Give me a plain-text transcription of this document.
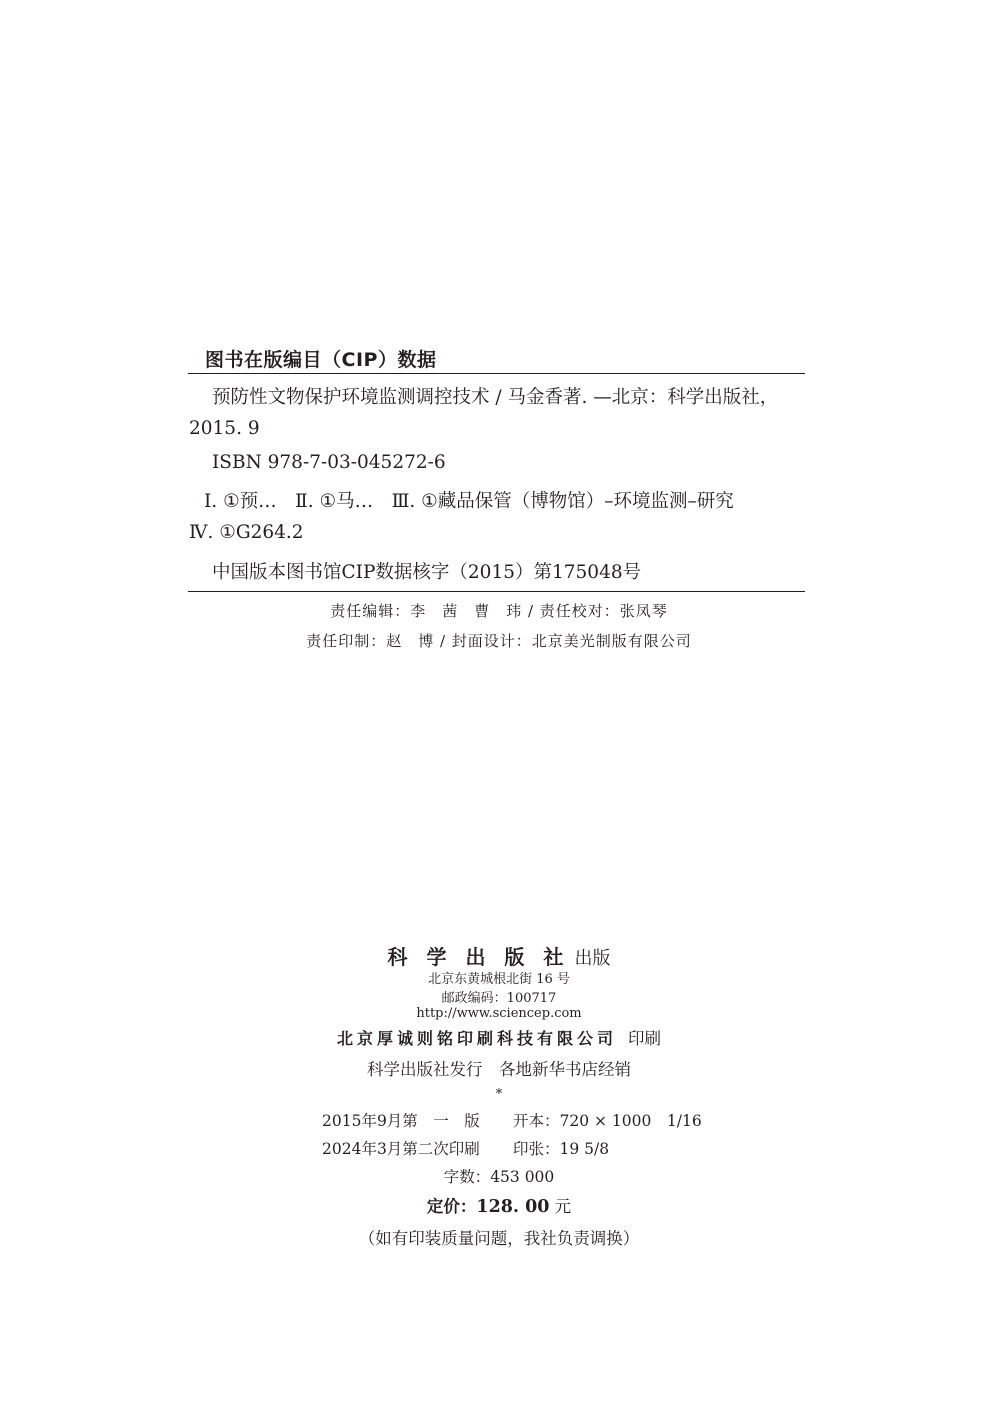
图书在版编目（CIP）数据
预防性文物保护环境监测调控技术 / 马金香著. —北京：科学出版社，
2015. 9
ISBN 978-7-03-045272-6
Ⅰ. ①预…　Ⅱ. ①马…　Ⅲ. ①藏品保管（博物馆）–环境监测–研究
Ⅳ. ①G264.2
中国版本图书馆CIP数据核字（2015）第175048号
责任编辑：李　茜　曹　玮 / 责任校对：张凤琴
责任印制：赵　博 / 封面设计：北京美光制版有限公司
科 学 出 版 社 出版
北京东黄城根北街 16 号
邮政编码：100717
http://www.sciencep.com
北京厚诚则铭印刷科技有限公司 印刷
科学出版社发行　各地新华书店经销
*
2015年9月第　一　版 开本：720 × 1000　1/16
2024年3月第二次印刷 印张：19 5/8
字数：453 000
定价：128. 00 元
（如有印装质量问题，我社负责调换）
